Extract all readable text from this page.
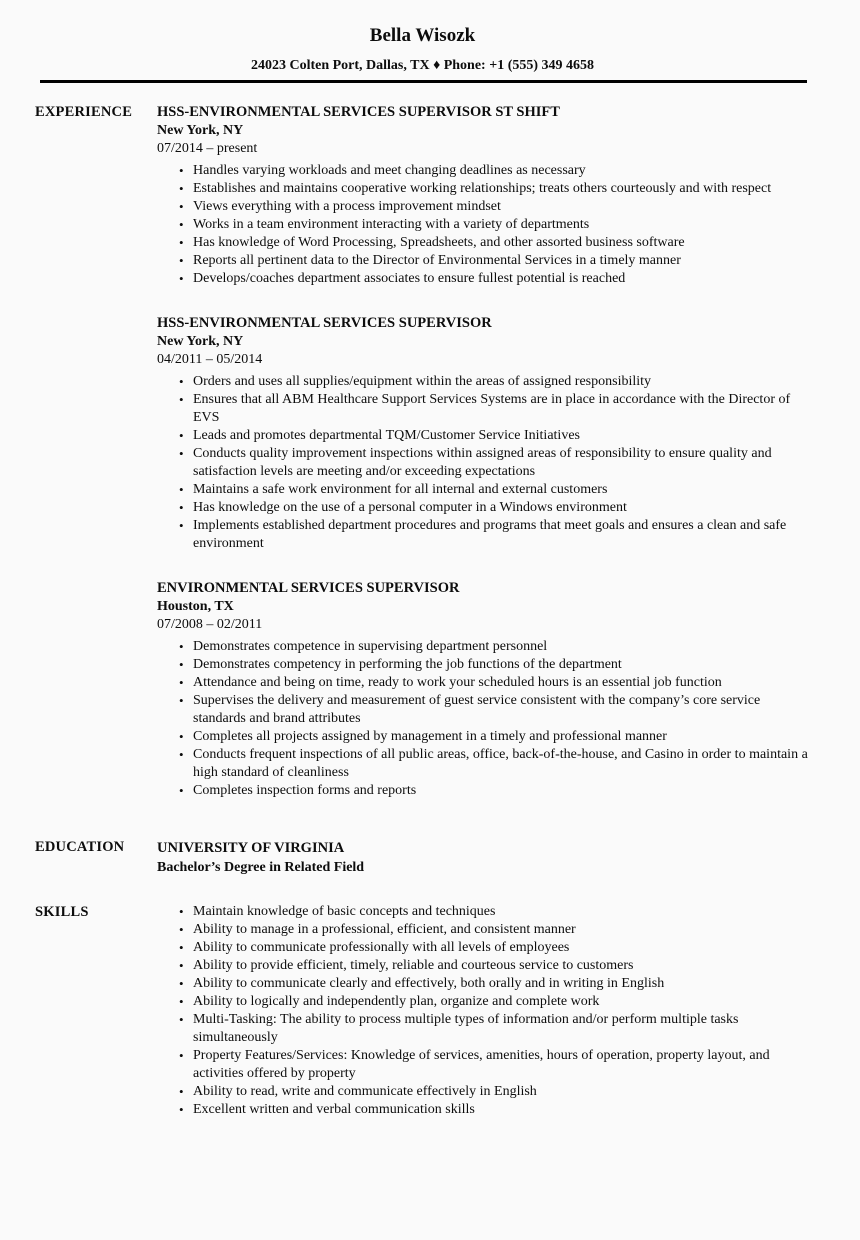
Bella Wisozk
24023 Colten Port, Dallas, TX ♦ Phone: +1 (555) 349 4658
EXPERIENCE	HSS-ENVIRONMENTAL SERVICES SUPERVISOR ST SHIFT
New York, NY
07/2014 – present
• Handles varying workloads and meet changing deadlines as necessary
• Establishes and maintains cooperative working relationships; treats others courteously and with respect
• Views everything with a process improvement mindset
• Works in a team environment interacting with a variety of departments
• Has knowledge of Word Processing, Spreadsheets, and other assorted business software
• Reports all pertinent data to the Director of Environmental Services in a timely manner
• Develops/coaches department associates to ensure fullest potential is reached
HSS-ENVIRONMENTAL SERVICES SUPERVISOR
New York, NY
04/2011 – 05/2014
• Orders and uses all supplies/equipment within the areas of assigned responsibility
• Ensures that all ABM Healthcare Support Services Systems are in place in accordance with the Director of EVS
• Leads and promotes departmental TQM/Customer Service Initiatives
• Conducts quality improvement inspections within assigned areas of responsibility to ensure quality and satisfaction levels are meeting and/or exceeding expectations
• Maintains a safe work environment for all internal and external customers
• Has knowledge on the use of a personal computer in a Windows environment
• Implements established department procedures and programs that meet goals and ensures a clean and safe environment
ENVIRONMENTAL SERVICES SUPERVISOR
Houston, TX
07/2008 – 02/2011
• Demonstrates competence in supervising department personnel
• Demonstrates competency in performing the job functions of the department
• Attendance and being on time, ready to work your scheduled hours is an essential job function
• Supervises the delivery and measurement of guest service consistent with the company’s core service standards and brand attributes
• Completes all projects assigned by management in a timely and professional manner
• Conducts frequent inspections of all public areas, office, back-of-the-house, and Casino in order to maintain a high standard of cleanliness
• Completes inspection forms and reports
EDUCATION	UNIVERSITY OF VIRGINIA
Bachelor’s Degree in Related Field
SKILLS	• Maintain knowledge of basic concepts and techniques
• Ability to manage in a professional, efficient, and consistent manner
• Ability to communicate professionally with all levels of employees
• Ability to provide efficient, timely, reliable and courteous service to customers
• Ability to communicate clearly and effectively, both orally and in writing in English
• Ability to logically and independently plan, organize and complete work
• Multi-Tasking: The ability to process multiple types of information and/or perform multiple tasks simultaneously
• Property Features/Services: Knowledge of services, amenities, hours of operation, property layout, and activities offered by property
• Ability to read, write and communicate effectively in English
• Excellent written and verbal communication skills
